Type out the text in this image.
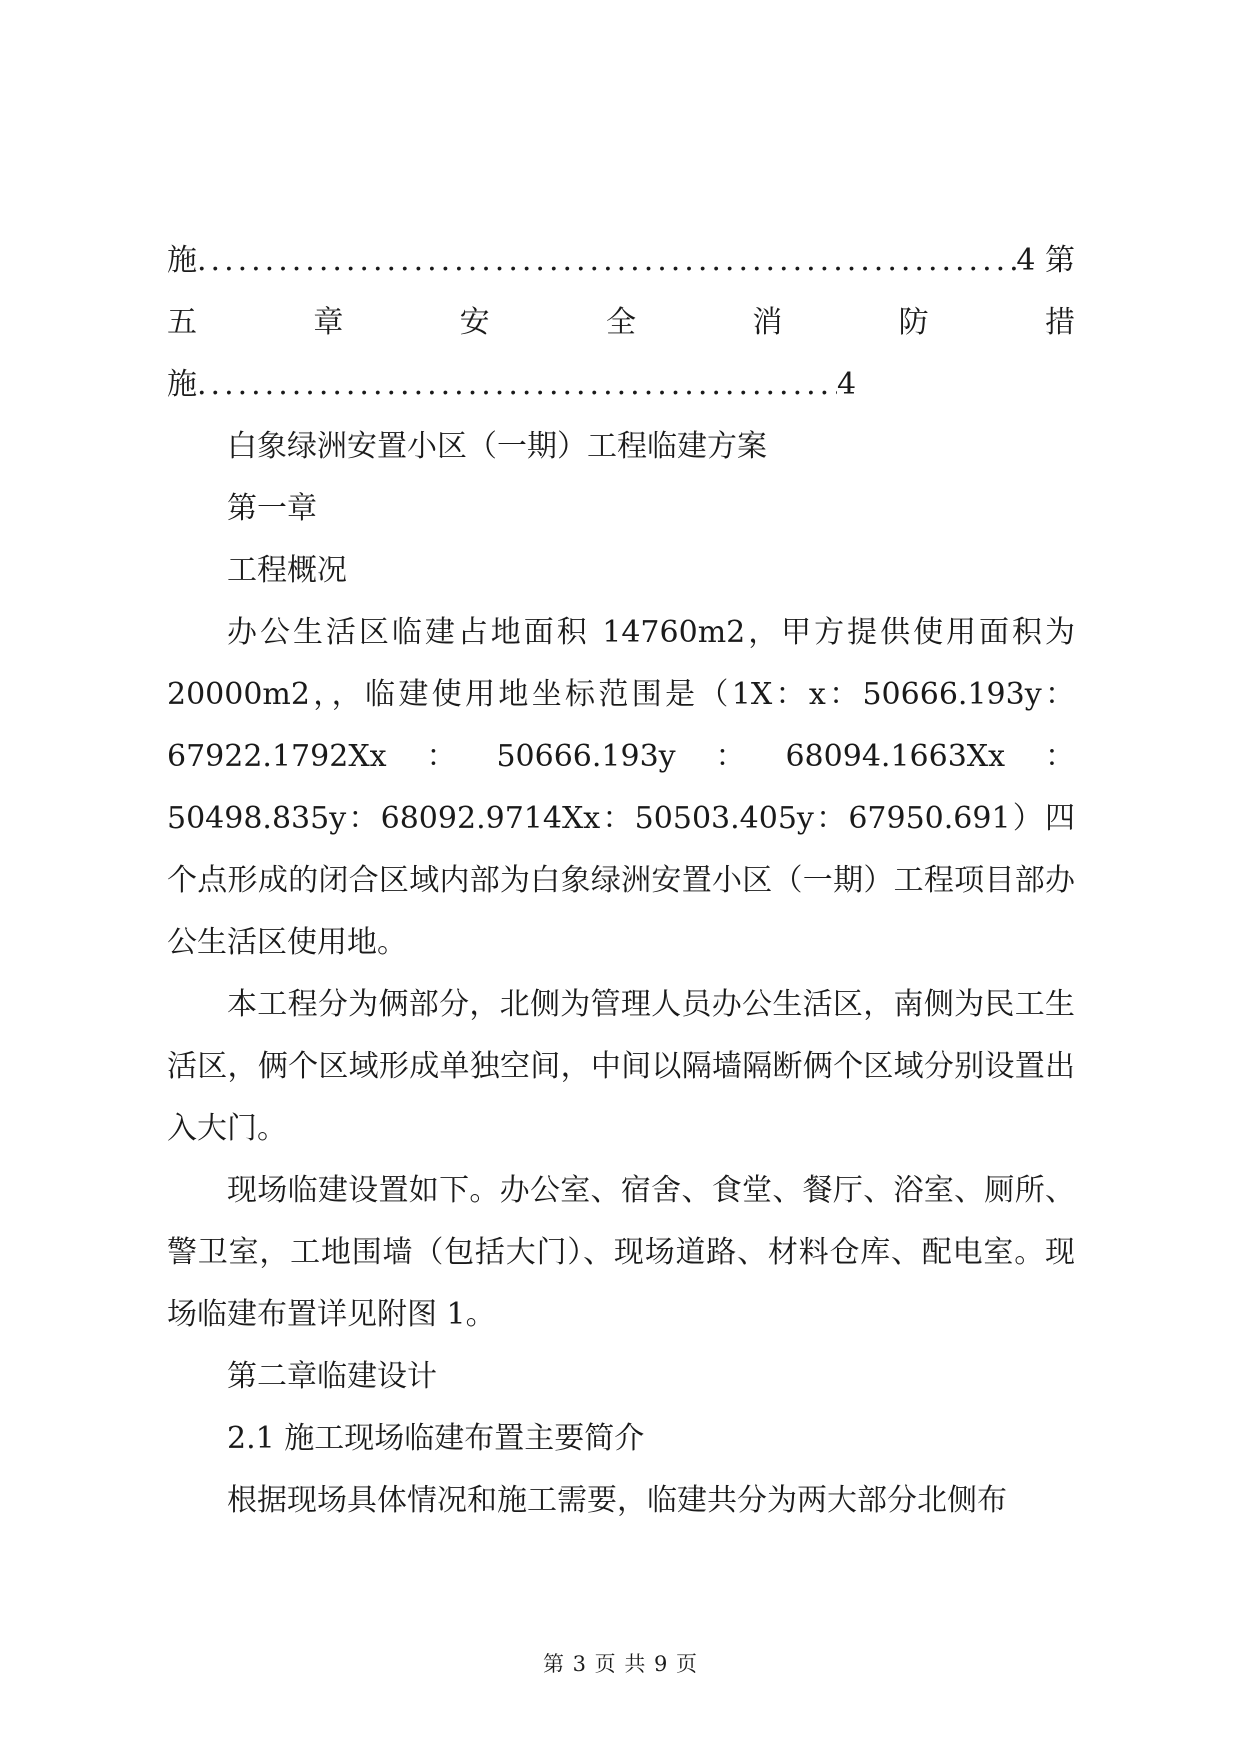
施 .....	4 第
五	章	安	全	消	防	措
施 .....	4

白象绿洲安置小区（一期）工程临建方案

第一章

工程概况

办公生活区临建占地面积 14760m2，甲方提供使用面积为 20000m2，，临建使用地坐标范围是（1X：x：50666.193y：67922.1792Xx：50666.193y：68094.1663Xx：50498.835y：68092.9714Xx：50503.405y：67950.691）四个点形成的闭合区域内部为白象绿洲安置小区（一期）工程项目部办公生活区使用地。

本工程分为俩部分，北侧为管理人员办公生活区，南侧为民工生活区，俩个区域形成单独空间，中间以隔墙隔断俩个区域分别设置出入大门。

现场临建设置如下。办公室、宿舍、食堂、餐厅、浴室、厕所、警卫室，工地围墙（包括大门）、现场道路、材料仓库、配电室。现场临建布置详见附图 1。

第二章临建设计

2.1 施工现场临建布置主要简介

根据现场具体情况和施工需要，临建共分为两大部分北侧布

第 3 页 共 9 页
